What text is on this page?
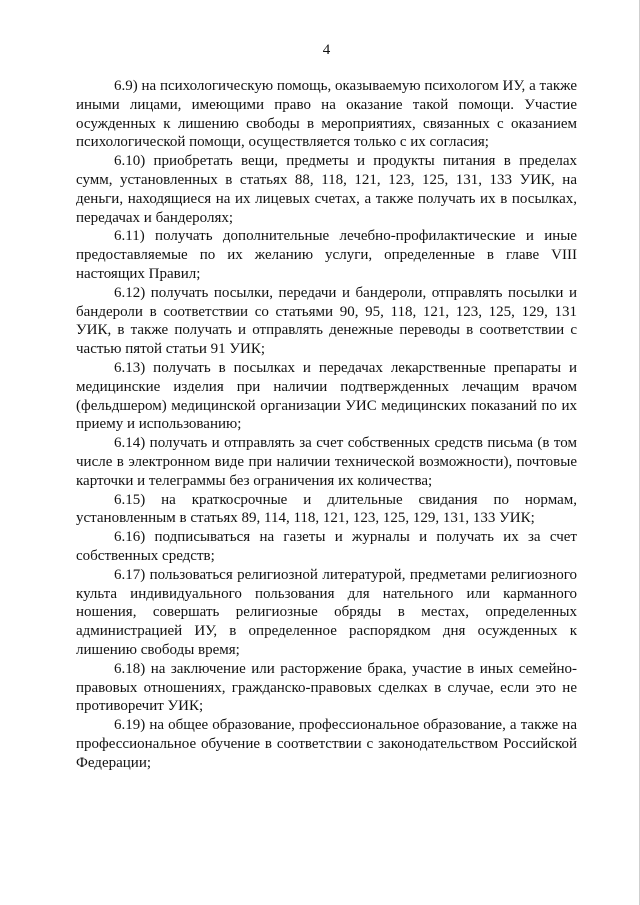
4

6.9) на психологическую помощь, оказываемую психологом ИУ, а также иными лицами, имеющими право на оказание такой помощи. Участие осужденных к лишению свободы в мероприятиях, связанных с оказанием психологической помощи, осуществляется только с их согласия;

6.10) приобретать вещи, предметы и продукты питания в пределах сумм, установленных в статьях 88, 118, 121, 123, 125, 131, 133 УИК, на деньги, находящиеся на их лицевых счетах, а также получать их в посылках, передачах и бандеролях;

6.11) получать дополнительные лечебно-профилактические и иные предоставляемые по их желанию услуги, определенные в главе VIII настоящих Правил;

6.12) получать посылки, передачи и бандероли, отправлять посылки и бандероли в соответствии со статьями 90, 95, 118, 121, 123, 125, 129, 131 УИК, в также получать и отправлять денежные переводы в соответствии с частью пятой статьи 91 УИК;

6.13) получать в посылках и передачах лекарственные препараты и медицинские изделия при наличии подтвержденных лечащим врачом (фельдшером) медицинской организации УИС медицинских показаний по их приему и использованию;

6.14) получать и отправлять за счет собственных средств письма (в том числе в электронном виде при наличии технической возможности), почтовые карточки и телеграммы без ограничения их количества;

6.15) на краткосрочные и длительные свидания по нормам, установленным в статьях 89, 114, 118, 121, 123, 125, 129, 131, 133 УИК;

6.16) подписываться на газеты и журналы и получать их за счет собственных средств;

6.17) пользоваться религиозной литературой, предметами религиозного культа индивидуального пользования для нательного или карманного ношения, совершать религиозные обряды в местах, определенных администрацией ИУ, в определенное распорядком дня осужденных к лишению свободы время;

6.18) на заключение или расторжение брака, участие в иных семейно-правовых отношениях, гражданско-правовых сделках в случае, если это не противоречит УИК;

6.19) на общее образование, профессиональное образование, а также на профессиональное обучение в соответствии с законодательством Российской Федерации;
